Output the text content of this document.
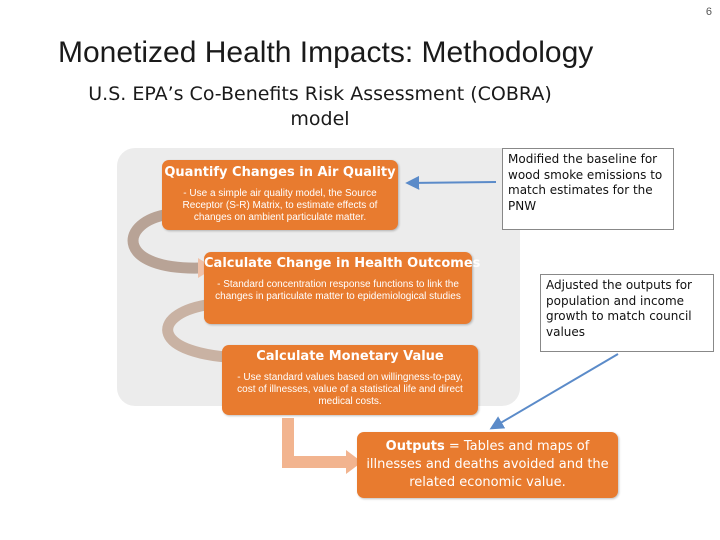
6
Monetized Health Impacts: Methodology
U.S. EPA’s Co-Benefits Risk Assessment (COBRA) model
Quantify Changes in Air Quality
- Use a simple air quality model, the Source Receptor (S-R) Matrix, to estimate effects of changes on ambient particulate matter.
Calculate Change in Health Outcomes
- Standard concentration response functions to link the changes in particulate matter to epidemiological studies
Calculate Monetary Value
- Use standard values based on willingness-to-pay, cost of illnesses, value of a statistical life and direct medical costs.
Modified the baseline for wood smoke emissions to match estimates for the PNW
Adjusted the outputs for population and income growth to match council values
Outputs = Tables and maps of illnesses and deaths avoided and the related economic value.
